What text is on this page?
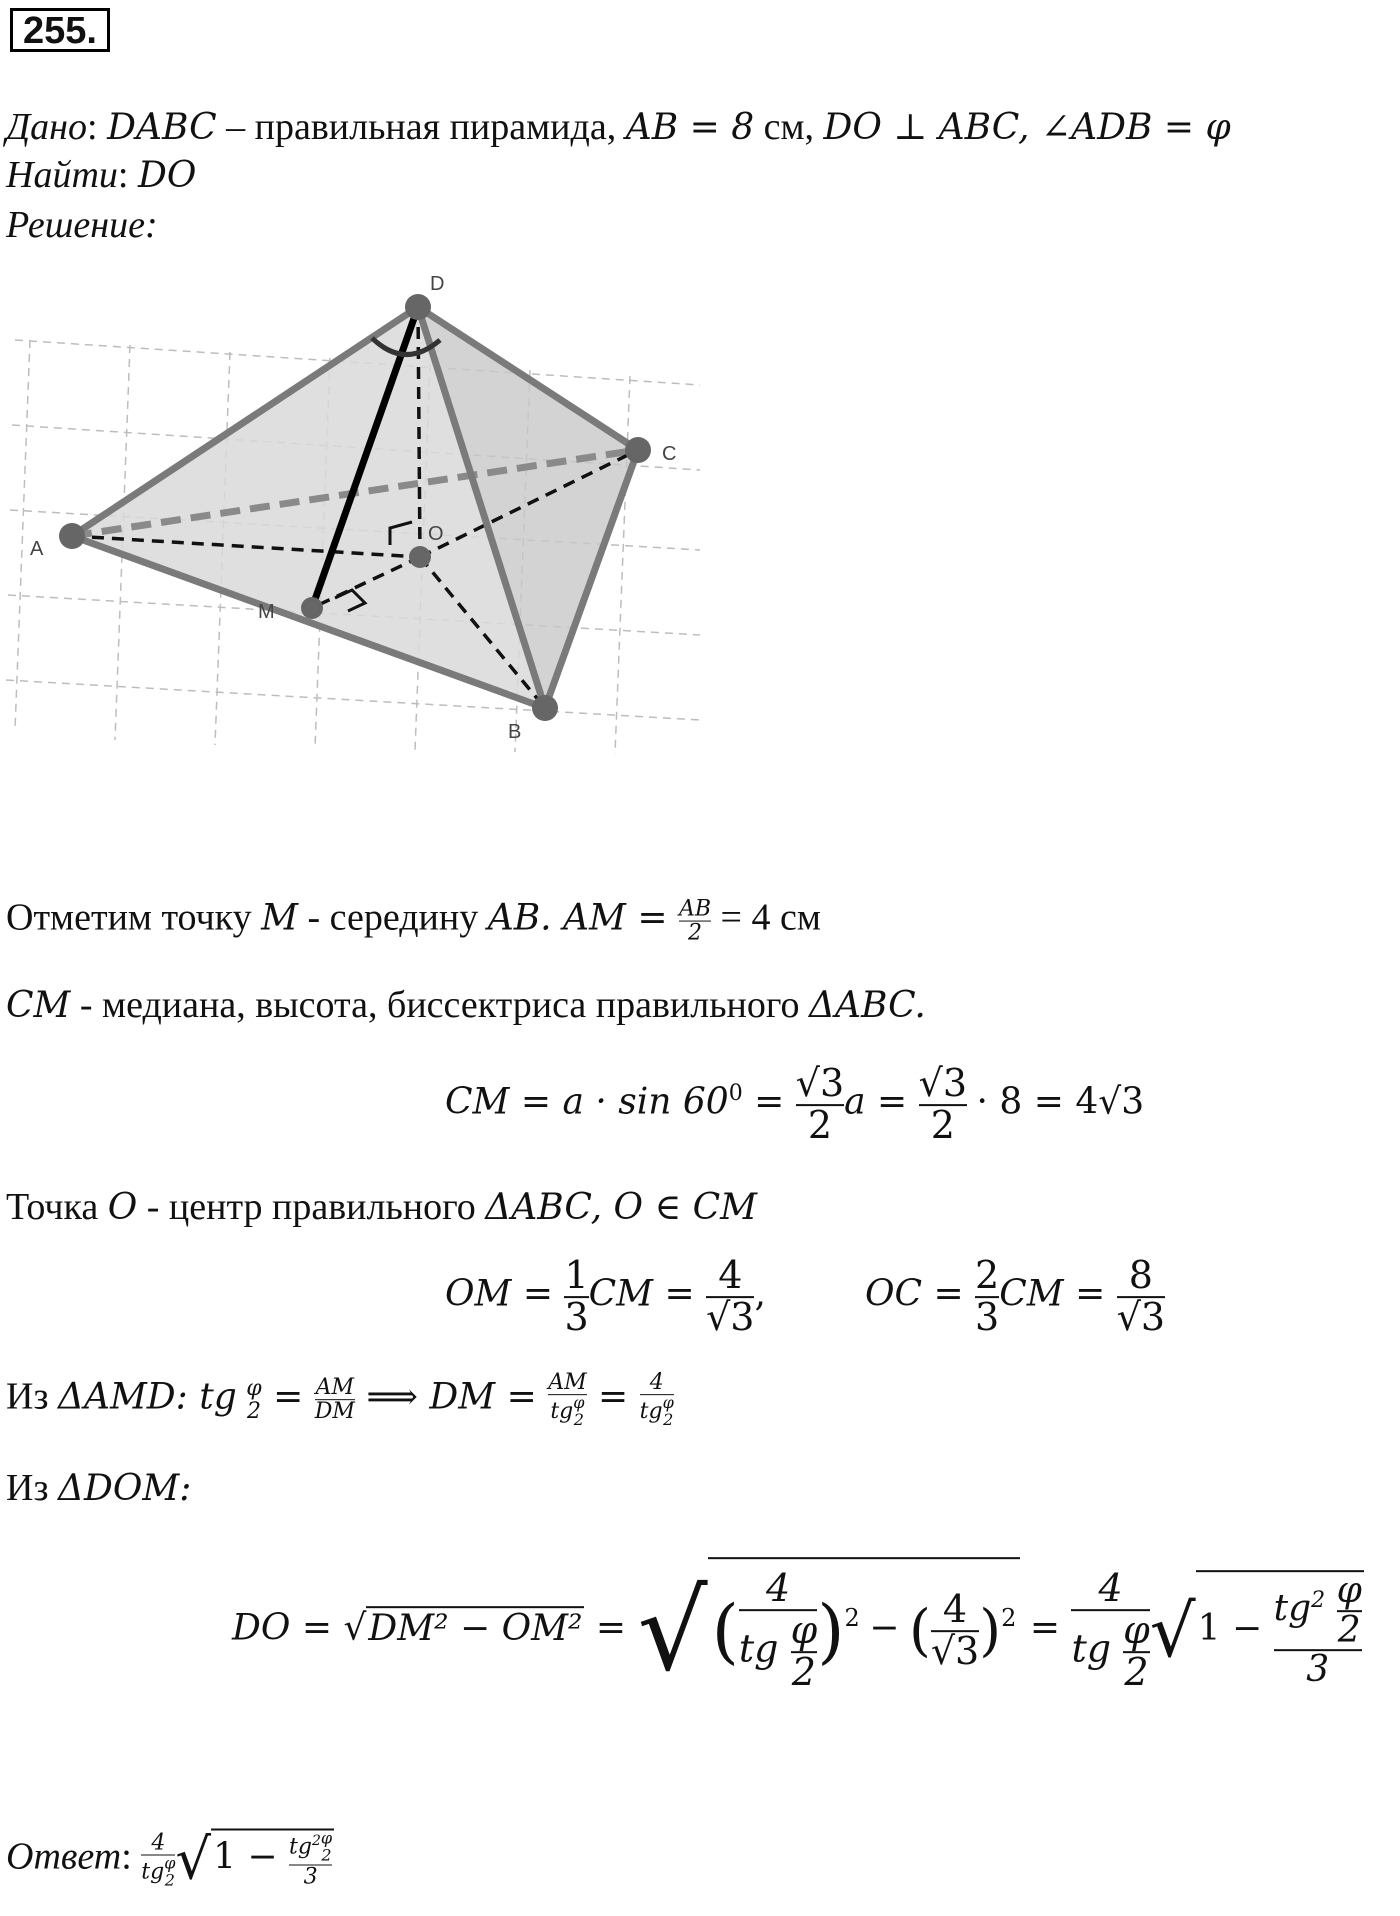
255.
Дано: DABC – правильная пирамида, AB = 8 см, DO ⊥ ABC, ∠ADB = φ
Найти: DO
Решение:
D
C
A
O
M
B
Отметим точку M - середину AB. AM = $\frac{AB}{2} = 4$ см
CM - медиана, высота, биссектриса правильного ΔABC.
CM = $a \cdot \sin 60^0 = \frac{√3}{2}$ $a = \frac{√3}{2} \cdot 8 = 4√3$
Точка O - центр правильного ΔABC, O ∈ CM
OM = $\frac{1}{3}$ CM = $\frac{4}{√3}$ ,	OC = $\frac{2}{3}$ CM = $\frac{8}{√3}$
Из ΔAMD: tg φ
$2 = \frac{AM}{DM}$ ⟹ DM = AM
tg φ
2 = 4
tg φ
2
Из ΔDOM:
DO = √DM² − OM² = √( $\frac{4}{tg \frac{\varphi}{2}} )^2$ − ( $\frac{4}{√3} )^2 = \frac{4}{tg \frac{\varphi}{2}} √1 - \frac{tg^2 \frac{\varphi}{2}}{3}$
Ответ: 4
tg φ
2 $√1 - tg^2$ φ
2
3
